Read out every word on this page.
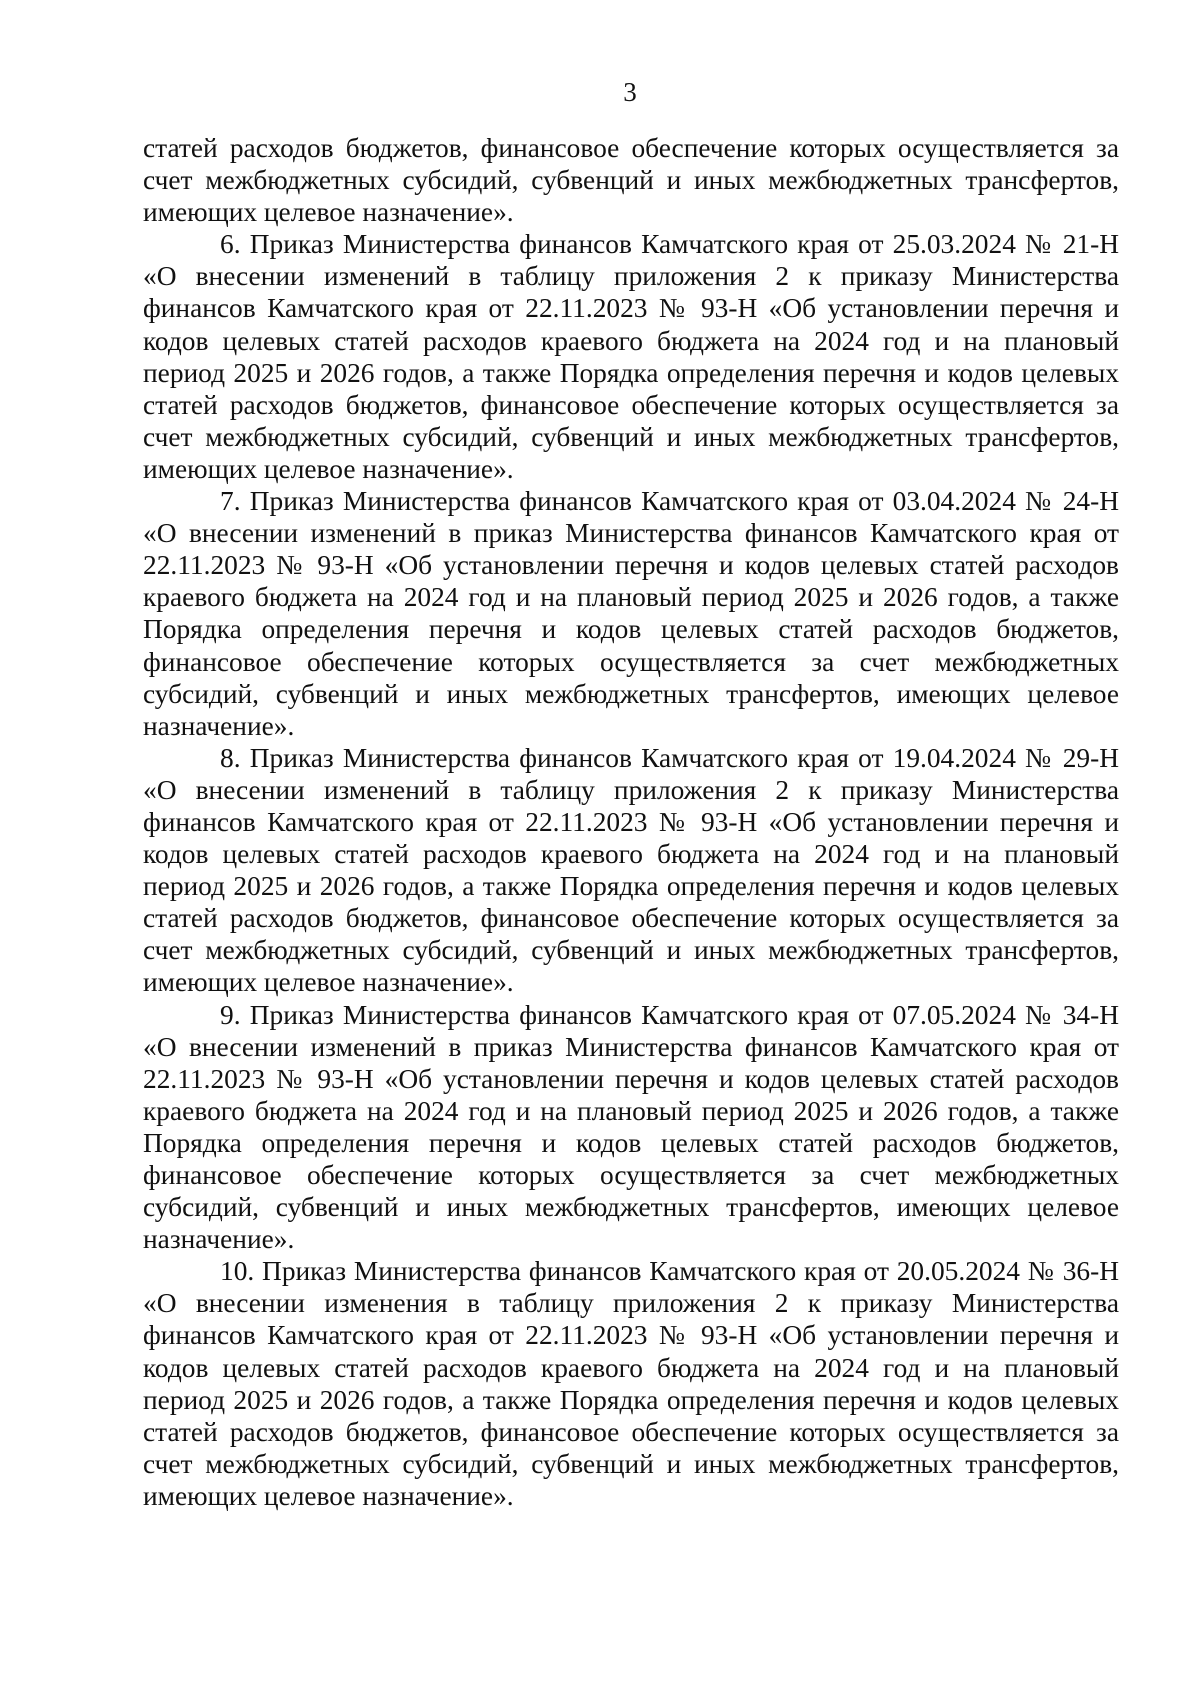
3

статей расходов бюджетов, финансовое обеспечение которых осуществляется за счет межбюджетных субсидий, субвенций и иных межбюджетных трансфертов, имеющих целевое назначение».

6. Приказ Министерства финансов Камчатского края от 25.03.2024 № 21-Н «О внесении изменений в таблицу приложения 2 к приказу Министерства финансов Камчатского края от 22.11.2023 № 93-Н «Об установлении перечня и кодов целевых статей расходов краевого бюджета на 2024 год и на плановый период 2025 и 2026 годов, а также Порядка определения перечня и кодов целевых статей расходов бюджетов, финансовое обеспечение которых осуществляется за счет межбюджетных субсидий, субвенций и иных межбюджетных трансфертов, имеющих целевое назначение».

7. Приказ Министерства финансов Камчатского края от 03.04.2024 № 24-Н «О внесении изменений в приказ Министерства финансов Камчатского края от 22.11.2023 № 93-Н «Об установлении перечня и кодов целевых статей расходов краевого бюджета на 2024 год и на плановый период 2025 и 2026 годов, а также Порядка определения перечня и кодов целевых статей расходов бюджетов, финансовое обеспечение которых осуществляется за счет межбюджетных субсидий, субвенций и иных межбюджетных трансфертов, имеющих целевое назначение».

8. Приказ Министерства финансов Камчатского края от 19.04.2024 № 29-Н «О внесении изменений в таблицу приложения 2 к приказу Министерства финансов Камчатского края от 22.11.2023 № 93-Н «Об установлении перечня и кодов целевых статей расходов краевого бюджета на 2024 год и на плановый период 2025 и 2026 годов, а также Порядка определения перечня и кодов целевых статей расходов бюджетов, финансовое обеспечение которых осуществляется за счет межбюджетных субсидий, субвенций и иных межбюджетных трансфертов, имеющих целевое назначение».

9. Приказ Министерства финансов Камчатского края от 07.05.2024 № 34-Н «О внесении изменений в приказ Министерства финансов Камчатского края от 22.11.2023 № 93-Н «Об установлении перечня и кодов целевых статей расходов краевого бюджета на 2024 год и на плановый период 2025 и 2026 годов, а также Порядка определения перечня и кодов целевых статей расходов бюджетов, финансовое обеспечение которых осуществляется за счет межбюджетных субсидий, субвенций и иных межбюджетных трансфертов, имеющих целевое назначение».

10. Приказ Министерства финансов Камчатского края от 20.05.2024 № 36-Н «О внесении изменения в таблицу приложения 2 к приказу Министерства финансов Камчатского края от 22.11.2023 № 93-Н «Об установлении перечня и кодов целевых статей расходов краевого бюджета на 2024 год и на плановый период 2025 и 2026 годов, а также Порядка определения перечня и кодов целевых статей расходов бюджетов, финансовое обеспечение которых осуществляется за счет межбюджетных субсидий, субвенций и иных межбюджетных трансфертов, имеющих целевое назначение».
